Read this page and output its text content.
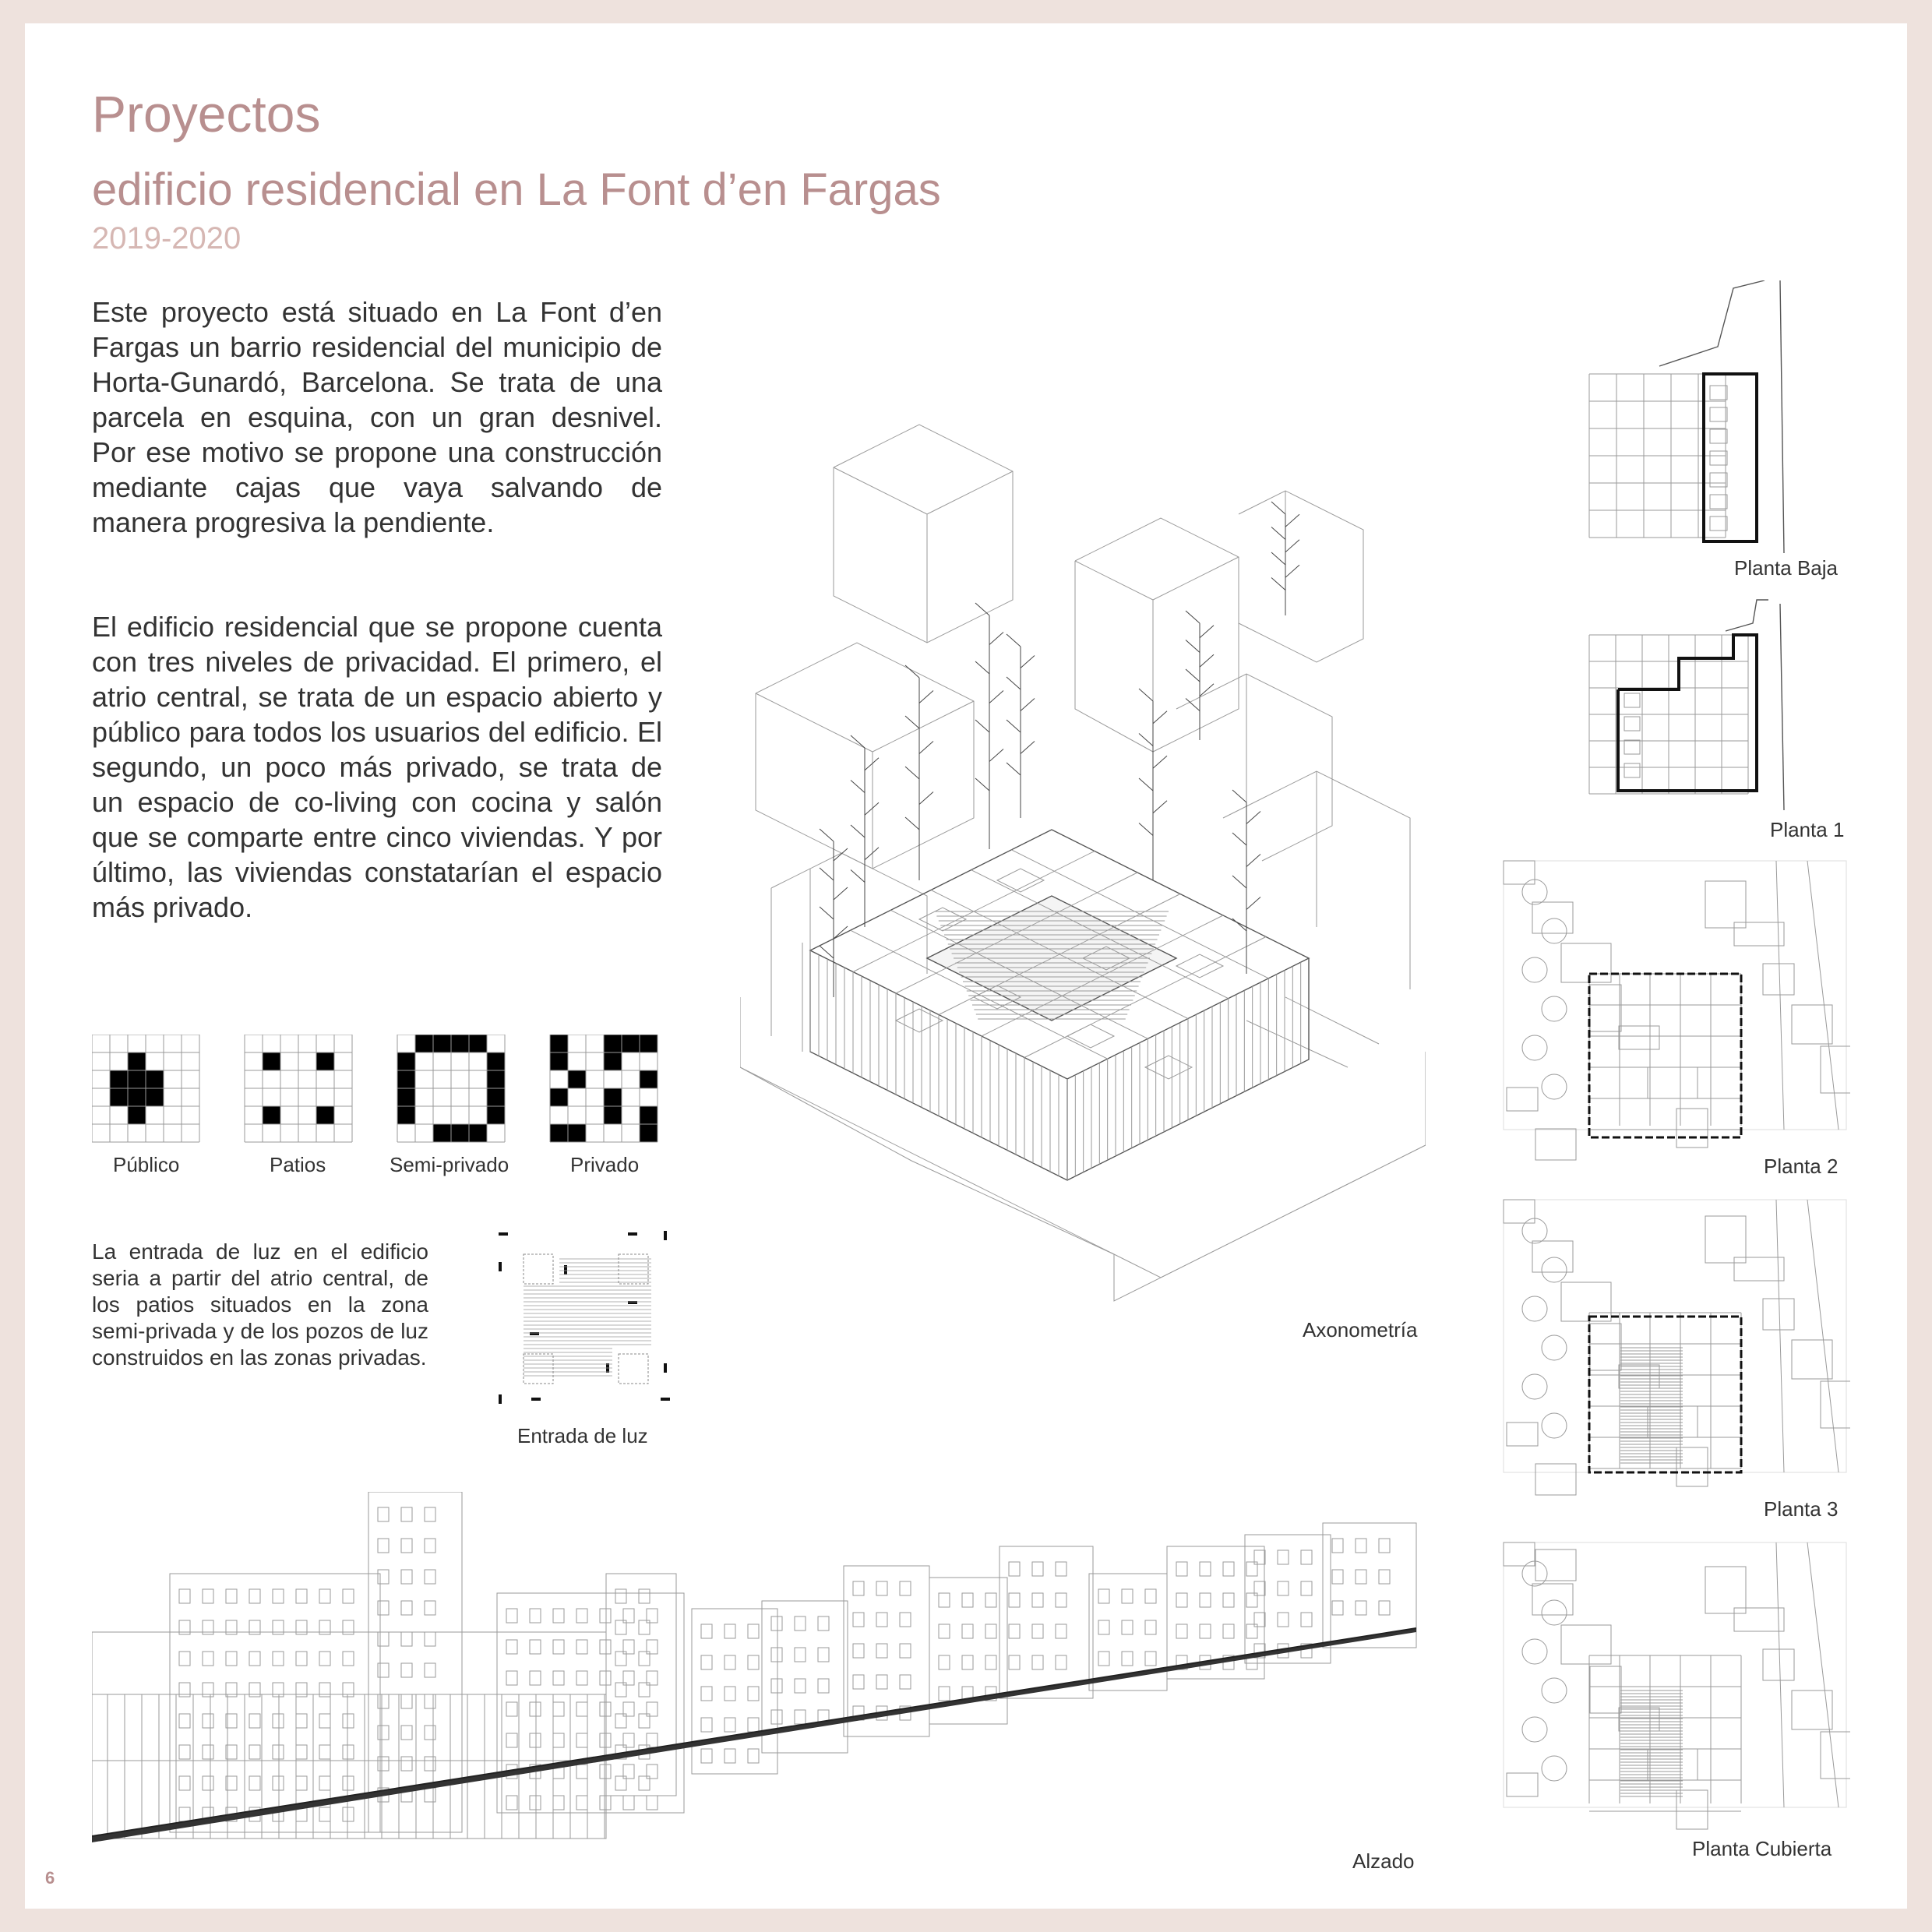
Proyectos
edificio residencial en La Font d’en Fargas
2019-2020
Este proyecto está situado en La Font d’en Fargas un barrio residencial del municipio de Horta-Gunardó, Barcelona. Se trata de una parcela en esquina, con un gran desnivel. Por ese motivo se propone una construcción mediante cajas que vaya salvando de manera progresiva la pendiente.
El edificio residencial que se propone cuenta con tres niveles de privacidad. El primero, el atrio central, se trata de un espacio abierto y público para todos los usuarios del edificio. El segundo, un poco más privado, se trata de un espacio de co-living con cocina y salón que se comparte entre cinco viviendas. Y por último, las viviendas constatarían el espacio más privado.
Público	Patios	Semi-privado	Privado
La entrada de luz en el edificio seria a partir del atrio central, de los patios situados en la zona semi-privada y de los pozos de luz construidos en las zonas privadas.
Entrada de luz
Axonometría
Planta Baja
Planta 1
Planta 2
Planta 3
Planta Cubierta
Alzado
6
